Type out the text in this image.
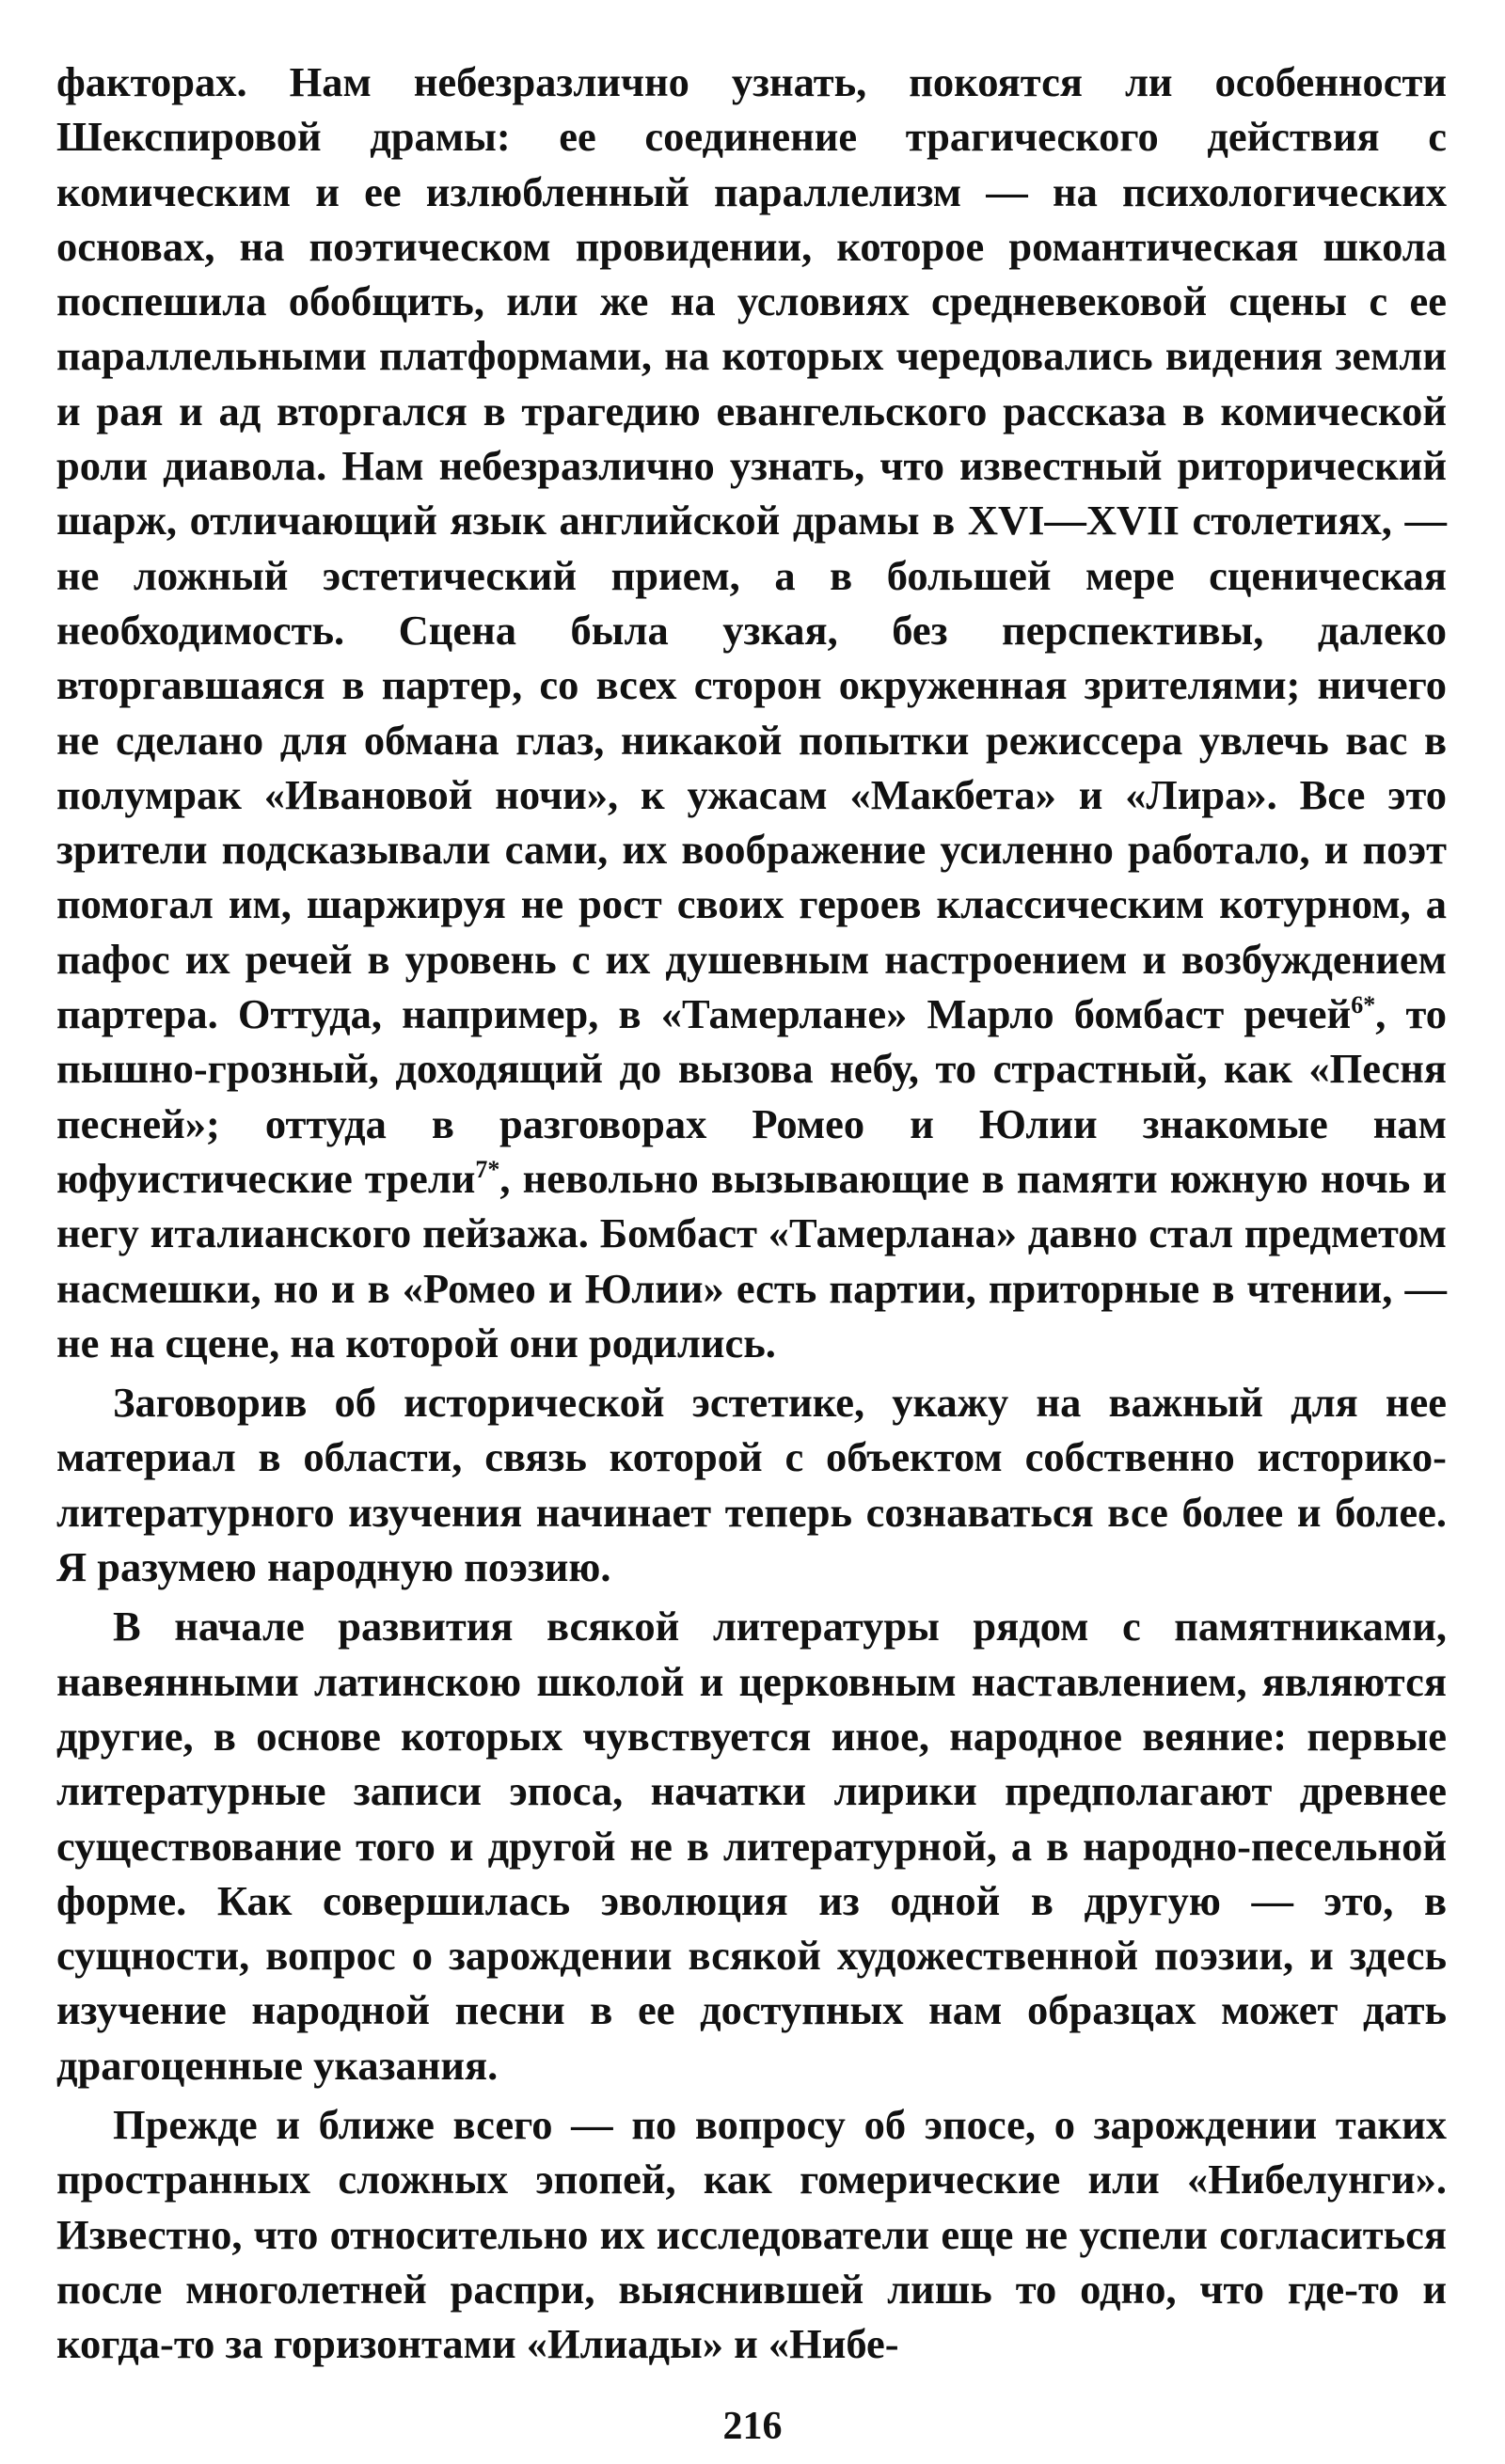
факторах. Нам небезразлично узнать, покоятся ли особенности Шекспировой драмы: ее соединение трагического действия с комическим и ее излюбленный параллелизм — на психологических основах, на поэтическом провидении, которое романтическая школа поспешила обобщить, или же на условиях средневековой сцены с ее параллельными платформами, на которых чередовались видения земли и рая и ад вторгался в трагедию евангельского рассказа в комической роли диавола. Нам небезразлично узнать, что известный риторический шарж, отличающий язык английской драмы в XVI—XVII столетиях, — не ложный эстетический прием, а в большей мере сценическая необходимость. Сцена была узкая, без перспективы, далеко вторгавшаяся в партер, со всех сторон окруженная зрителями; ничего не сделано для обмана глаз, никакой попытки режиссера увлечь вас в полумрак «Ивановой ночи», к ужасам «Макбета» и «Лира». Все это зрители подсказывали сами, их воображение усиленно работало, и поэт помогал им, шаржируя не рост своих героев классическим котурном, а пафос их речей в уровень с их душевным настроением и возбуждением партера. Оттуда, например, в «Тамерлане» Марло бомбаст речей$^{6*}$, то пышно-грозный, доходящий до вызова небу, то страстный, как «Песня песней»; оттуда в разговорах Ромео и Юлии знакомые нам юфуистические трели$^{7*}$, невольно вызывающие в памяти южную ночь и негу италианского пейзажа. Бомбаст «Тамерлана» давно стал предметом насмешки, но и в «Ромео и Юлии» есть партии, приторные в чтении, — не на сцене, на которой они родились.

Заговорив об исторической эстетике, укажу на важный для нее материал в области, связь которой с объектом собственно историко-литературного изучения начинает теперь сознаваться все более и более. Я разумею народную поэзию.

В начале развития всякой литературы рядом с памятниками, навеянными латинскою школой и церковным наставлением, являются другие, в основе которых чувствуется иное, народное веяние: первые литературные записи эпоса, начатки лирики предполагают древнее существование того и другой не в литературной, а в народно-песельной форме. Как совершилась эволюция из одной в другую — это, в сущности, вопрос о зарождении всякой художественной поэзии, и здесь изучение народной песни в ее доступных нам образцах может дать драгоценные указания.

Прежде и ближе всего — по вопросу об эпосе, о зарождении таких пространных сложных эпопей, как гомерические или «Нибелунги». Известно, что относительно их исследователи еще не успели согласиться после многолетней распри, выяснившей лишь то одно, что где-то и когда-то за горизонтами «Илиады» и «Нибе-

216
